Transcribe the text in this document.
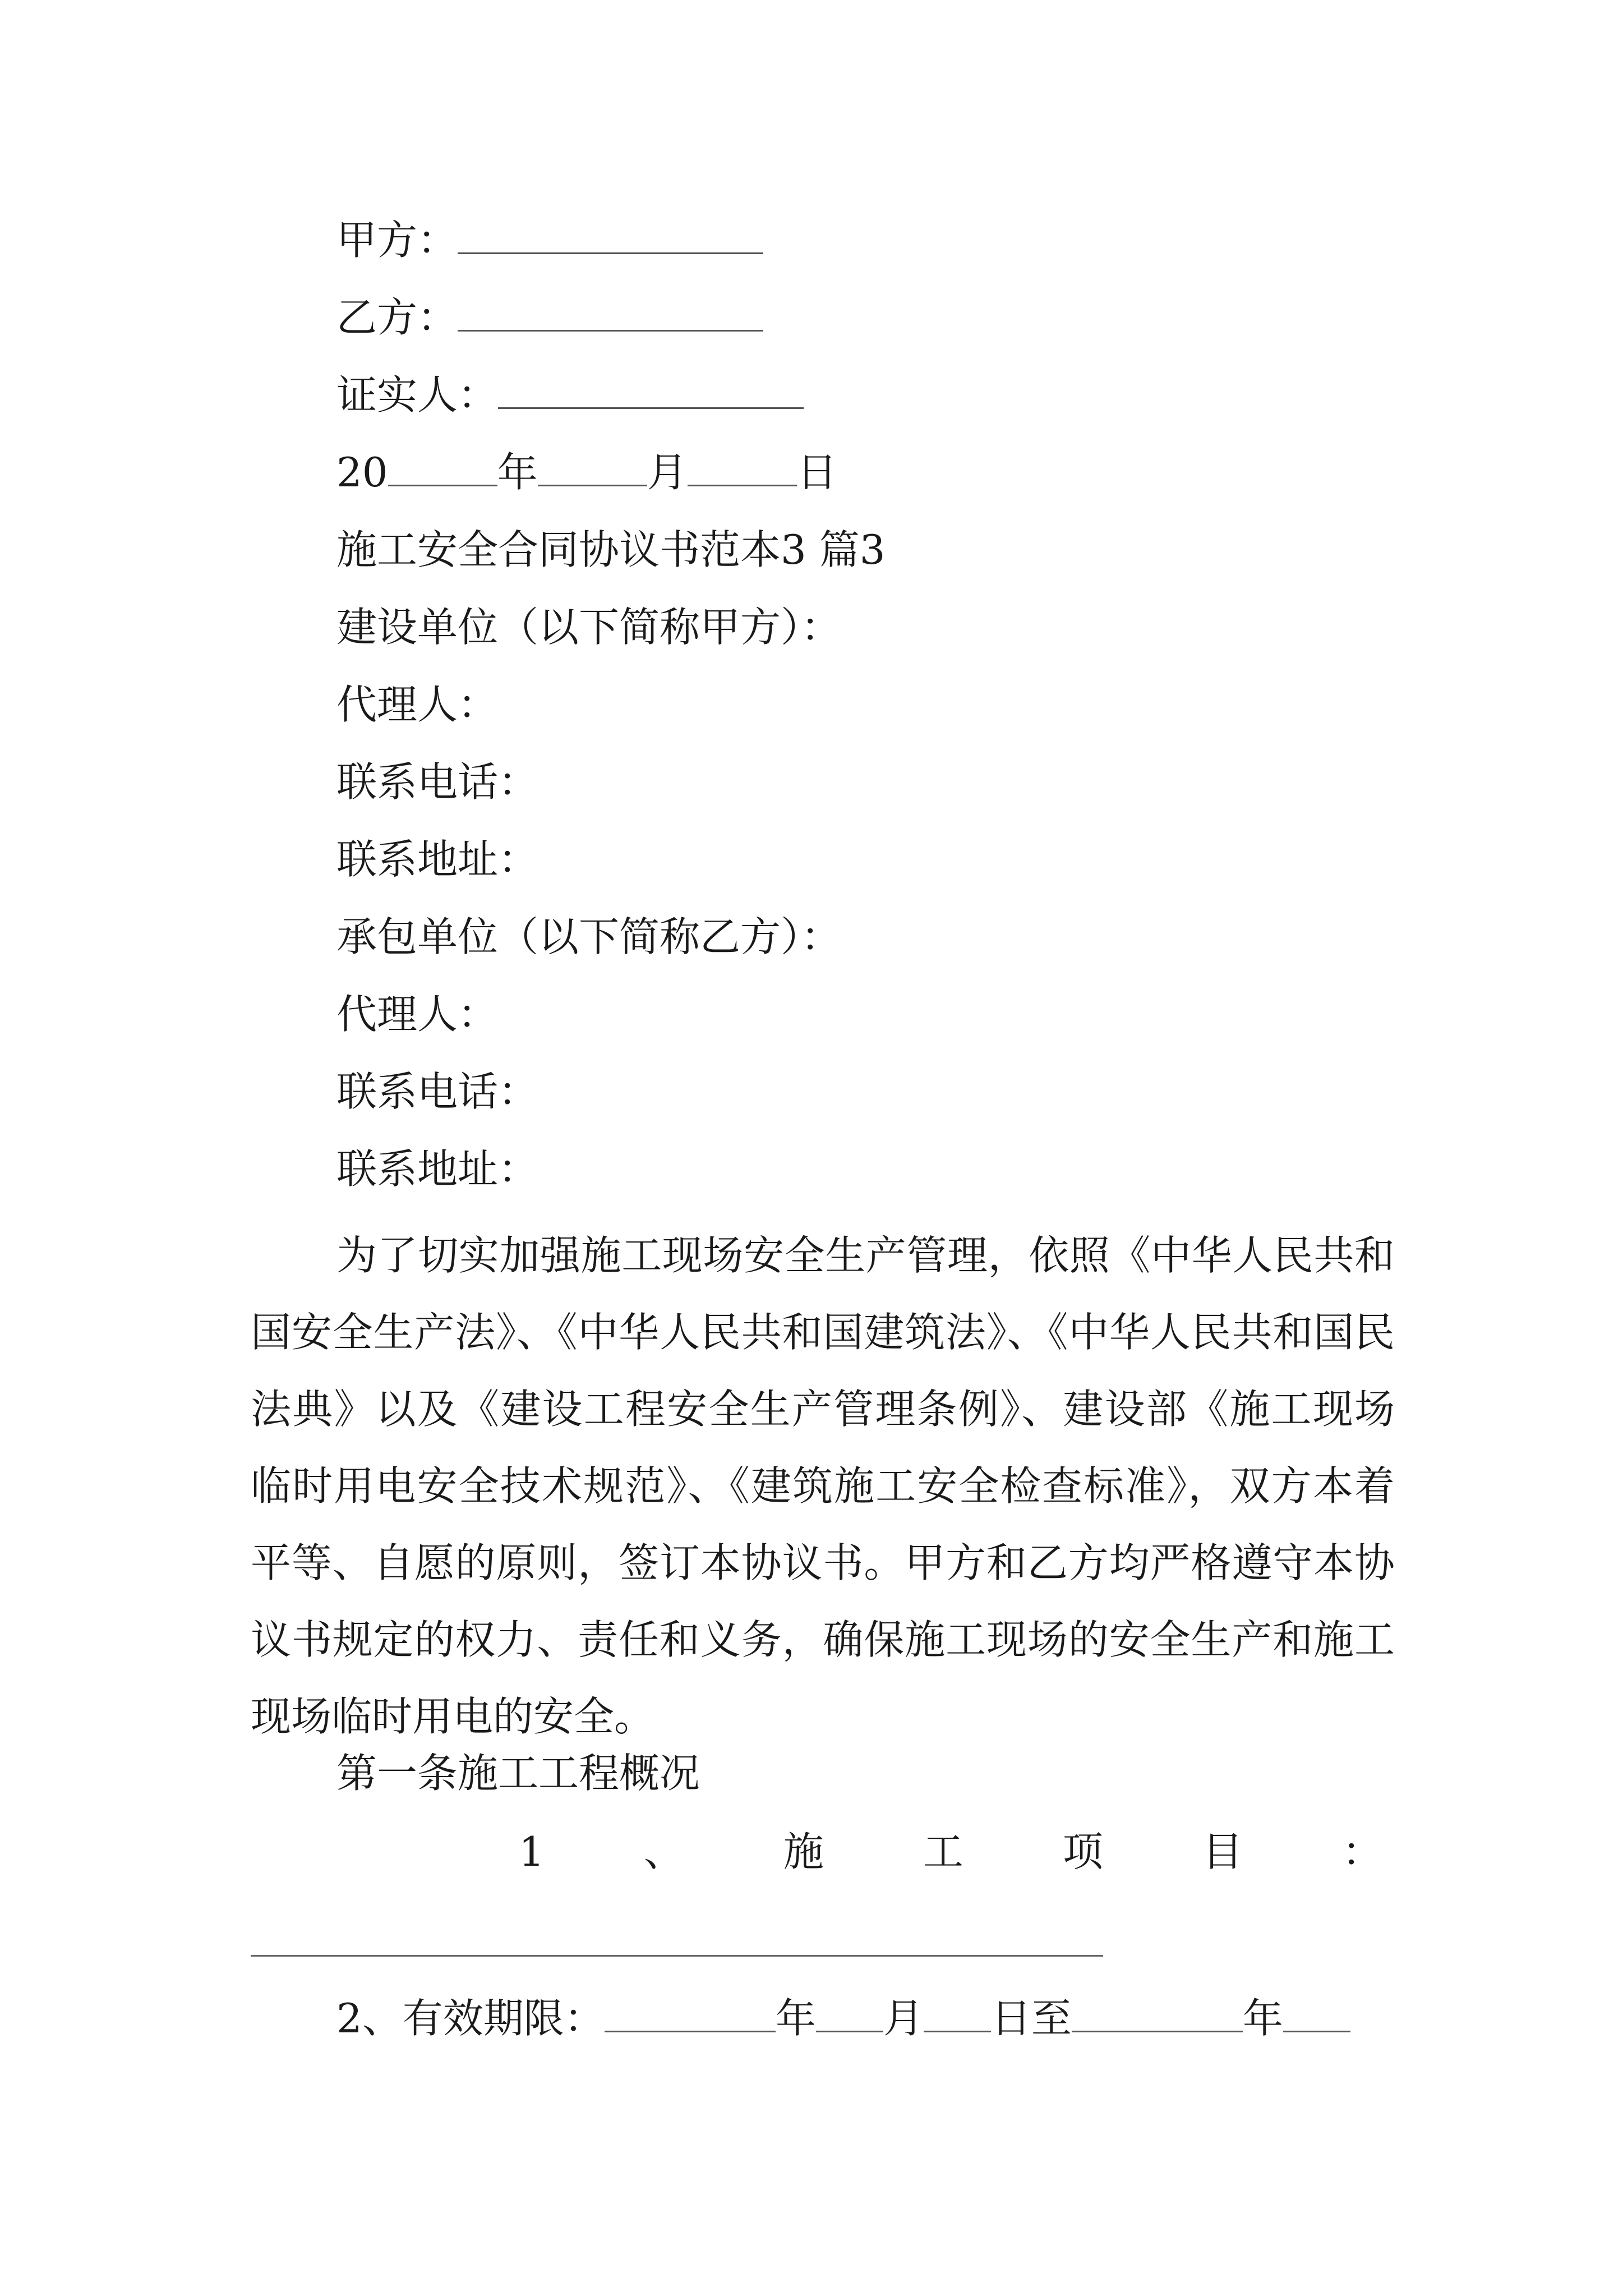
甲方：
乙方：
证实人：
20	年	月	日
施工安全合同协议书范本3 篇3
建设单位（以下简称甲方）：
代理人：
联系电话：
联系地址：
承包单位（以下简称乙方）：
代理人：
联系电话：
联系地址：

为了切实加强施工现场安全生产管理，依照《中华人民共和国安全生产法》、《中华人民共和国建筑法》、《中华人民共和国民法典》以及《建设工程安全生产管理条例》、建设部《施工现场临时用电安全技术规范》、《建筑施工安全检查标准》，双方本着平等、自愿的原则，签订本协议书。甲方和乙方均严格遵守本协议书规定的权力、责任和义务，确保施工现场的安全生产和施工现场临时用电的安全。

第一条施工工程概况
1 、 施 工 项 目 ：
2、有效期限：	年 月 日至	年
